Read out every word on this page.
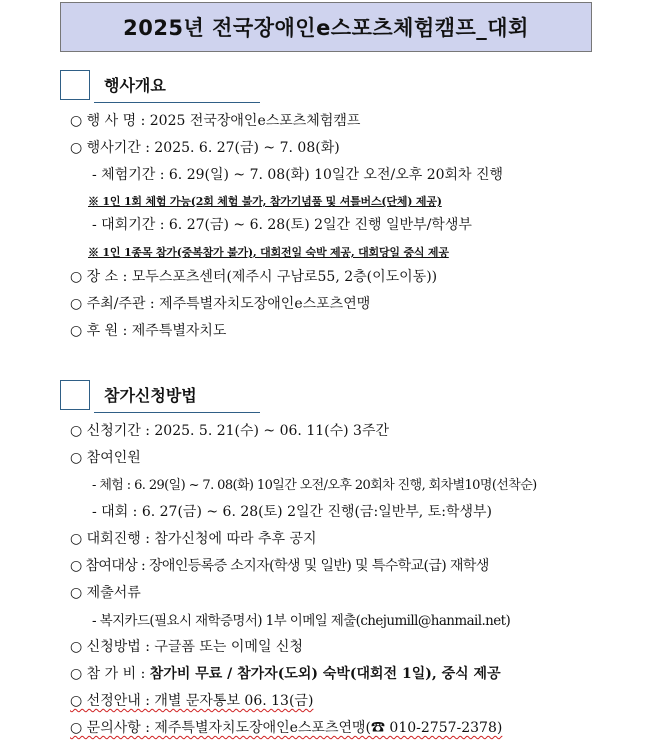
2025년 전국장애인e스포츠체험캠프_대회
행사개요
○ 행 사 명 : 2025 전국장애인e스포츠체험캠프
○ 행사기간 : 2025. 6. 27(금) ~ 7. 08(화)
- 체험기간 : 6. 29(일) ~ 7. 08(화) 10일간 오전/오후 20회차 진행
※ 1인 1회 체험 가능(2회 체험 불가, 참가기념품 및 셔틀버스(단체) 제공)
- 대회기간 : 6. 27(금) ~ 6. 28(토) 2일간 진행 일반부/학생부
※ 1인 1종목 참가(중복참가 불가), 대회전일 숙박 제공, 대회당일 중식 제공
○ 장 소 : 모두스포츠센터(제주시 구남로55, 2층(이도이동))
○ 주최/주관 : 제주특별자치도장애인e스포츠연맹
○ 후 원 : 제주특별자치도
참가신청방법
○ 신청기간 : 2025. 5. 21(수) ~ 06. 11(수) 3주간
○ 참여인원
- 체험 : 6. 29(일) ~ 7. 08(화) 10일간 오전/오후 20회차 진행, 회차별10명(선착순)
- 대회 : 6. 27(금) ~ 6. 28(토) 2일간 진행(금:일반부, 토:학생부)
○ 대회진행 : 참가신청에 따라 추후 공지
○ 참여대상 : 장애인등록증 소지자(학생 및 일반) 및 특수학교(급) 재학생
○ 제출서류
- 복지카드(필요시 재학증명서) 1부 이메일 제출(chejumill@hanmail.net)
○ 신청방법 : 구글폼 또는 이메일 신청
○ 참 가 비 : 참가비 무료 / 참가자(도외) 숙박(대회전 1일), 중식 제공
○ 선정안내 : 개별 문자통보 06. 13(금)
○ 문의사항 : 제주특별자치도장애인e스포츠연맹(☎ 010-2757-2378)
